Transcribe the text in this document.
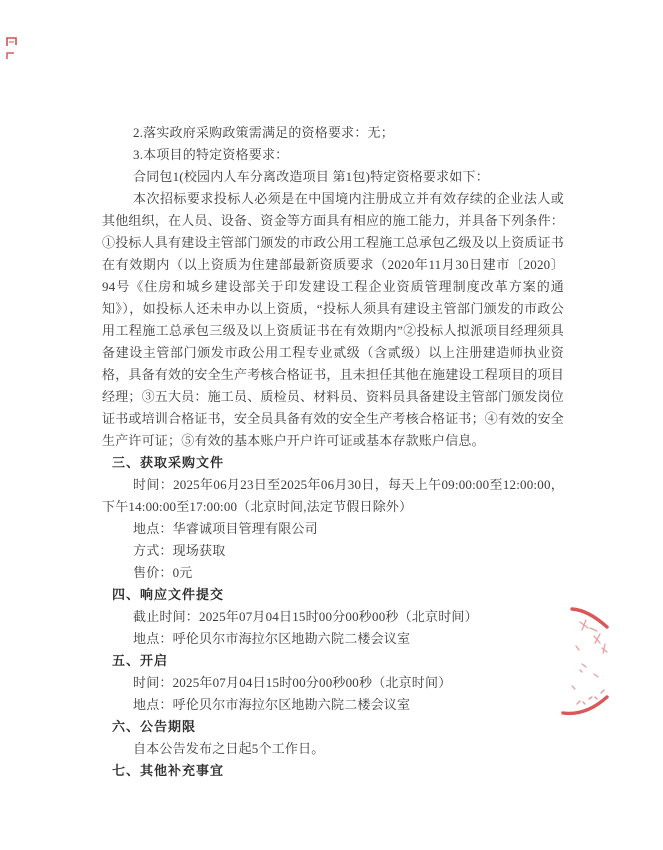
2.落实政府采购政策需满足的资格要求：无；

3.本项目的特定资格要求：

合同包1(校园内人车分离改造项目 第1包)特定资格要求如下：

本次招标要求投标人必须是在中国境内注册成立并有效存续的企业法人或其他组织，在人员、设备、资金等方面具有相应的施工能力，并具备下列条件： ①投标人具有建设主管部门颁发的市政公用工程施工总承包乙级及以上资质证书在有效期内（以上资质为住建部最新资质要求（2020年11月30日建市〔2020〕94号《住房和城乡建设部关于印发建设工程企业资质管理制度改革方案的通知》），如投标人还未申办以上资质，“投标人须具有建设主管部门颁发的市政公用工程施工总承包三级及以上资质证书在有效期内”②投标人拟派项目经理须具备建设主管部门颁发市政公用工程专业贰级（含贰级）以上注册建造师执业资格，具备有效的安全生产考核合格证书，且未担任其他在施建设工程项目的项目经理；③五大员：施工员、质检员、材料员、资料员具备建设主管部门颁发岗位证书或培训合格证书，安全员具备有效的安全生产考核合格证书；④有效的安全生产许可证；⑤有效的基本账户开户许可证或基本存款账户信息。

三、获取采购文件

时间：2025年06月23日至2025年06月30日，每天上午09:00:00至12:00:00，下午14:00:00至17:00:00（北京时间,法定节假日除外）

地点：华睿诚项目管理有限公司

方式：现场获取

售价：0元

四、响应文件提交

截止时间：2025年07月04日15时00分00秒00秒（北京时间）

地点：呼伦贝尔市海拉尔区地勘六院二楼会议室

五、开启

时间：2025年07月04日15时00分00秒00秒（北京时间）

地点：呼伦贝尔市海拉尔区地勘六院二楼会议室

六、公告期限

自本公告发布之日起5个工作日。

七、其他补充事宜
